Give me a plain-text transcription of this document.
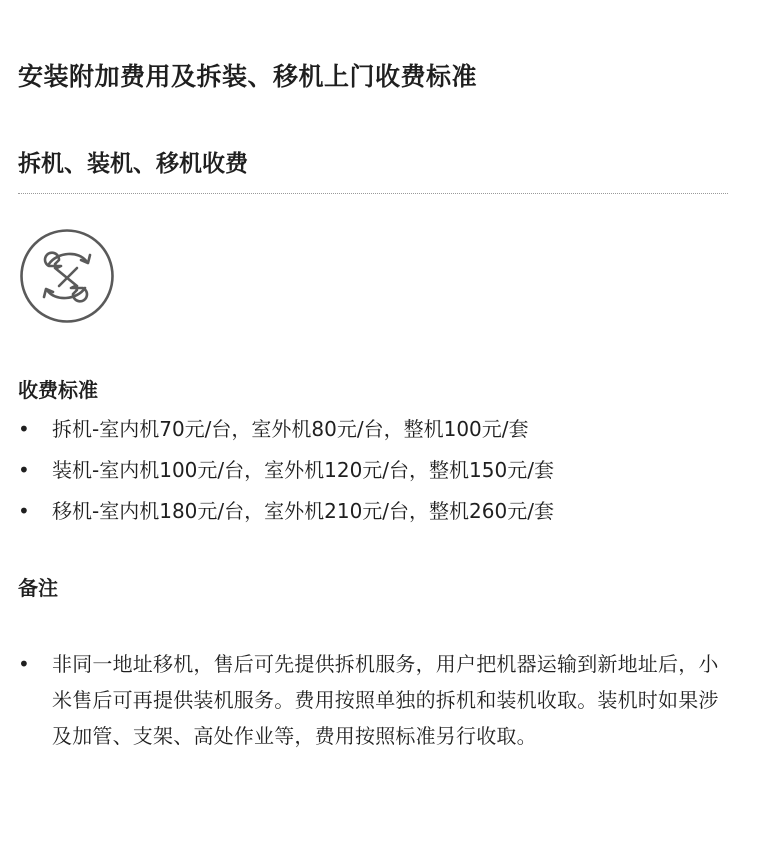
安装附加费用及拆装、移机上门收费标准
拆机、装机、移机收费
收费标准
• 拆机-室内机70元/台，室外机80元/台，整机100元/套
• 装机-室内机100元/台，室外机120元/台，整机150元/套
• 移机-室内机180元/台，室外机210元/台，整机260元/套
备注
• 非同一地址移机，售后可先提供拆机服务，用户把机器运输到新地址后，小米售后可再提供装机服务。费用按照单独的拆机和装机收取。装机时如果涉及加管、支架、高处作业等，费用按照标准另行收取。
